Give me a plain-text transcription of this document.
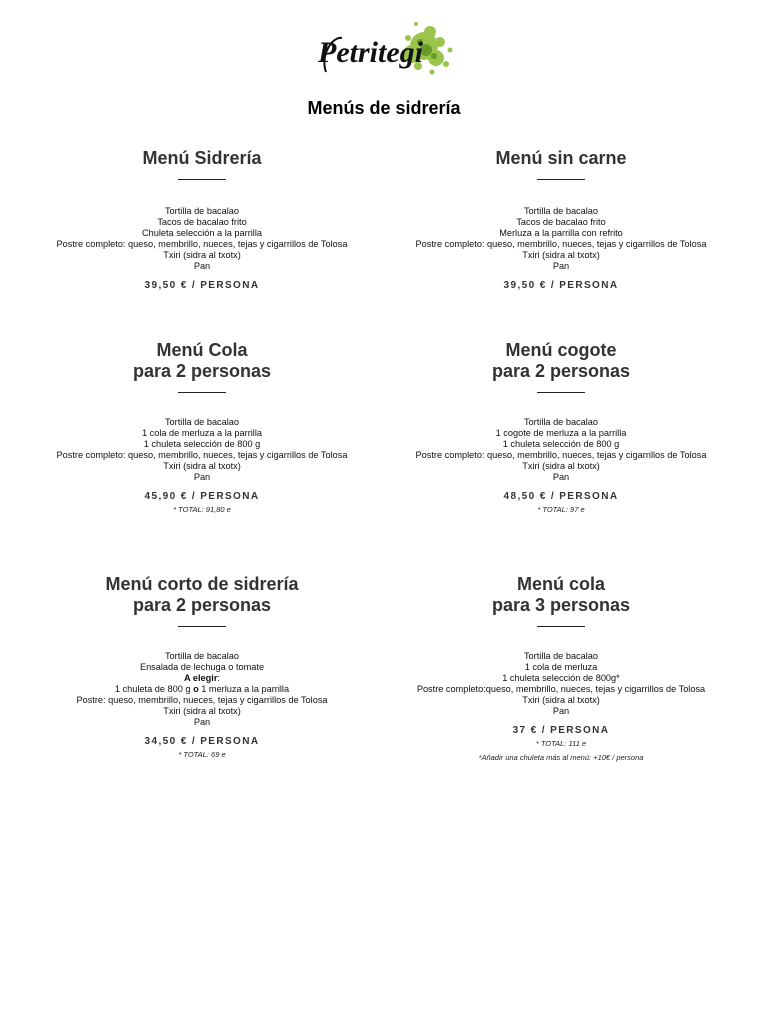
Petritegi
Menús de sidrería
Menú Sidrería
Tortilla de bacalao
Tacos de bacalao frito
Chuleta selección a la parrilla
Postre completo: queso, membrillo, nueces, tejas y cigarrillos de Tolosa
Txiri (sidra al txotx)
Pan
39,50 € / PERSONA
Menú sin carne
Tortilla de bacalao
Tacos de bacalao frito
Merluza a la parrilla con refrito
Postre completo: queso, membrillo, nueces, tejas y cigarrillos de Tolosa
Txiri (sidra al txotx)
Pan
39,50 € / PERSONA
Menú Cola
para 2 personas
Tortilla de bacalao
1 cola de merluza a la parrilla
1 chuleta selección de 800 g
Postre completo: queso, membrillo, nueces, tejas y cigarrillos de Tolosa
Txiri (sidra al txotx)
Pan
45,90 € / PERSONA
* TOTAL: 91,80 e
Menú cogote
para 2 personas
Tortilla de bacalao
1 cogote de merluza a la parrilla
1 chuleta selección de 800 g
Postre completo: queso, membrillo, nueces, tejas y cigarrillos de Tolosa
Txiri (sidra al txotx)
Pan
48,50 € / PERSONA
* TOTAL: 97 e
Menú corto de sidrería
para 2 personas
Tortilla de bacalao
Ensalada de lechuga o tomate
A elegir:
1 chuleta de 800 g o 1 merluza a la parrilla
Postre: queso, membrillo, nueces, tejas y cigarrillos de Tolosa
Txiri (sidra al txotx)
Pan
34,50 € / PERSONA
* TOTAL: 69 e
Menú cola
para 3 personas
Tortilla de bacalao
1 cola de merluza
1 chuleta selección de 800g*
Postre completo:queso, membrillo, nueces, tejas y cigarrillos de Tolosa
Txiri (sidra al txotx)
Pan
37 € / PERSONA
* TOTAL: 111 e
*Añadir una chuleta más al menú: +10€ / persona
